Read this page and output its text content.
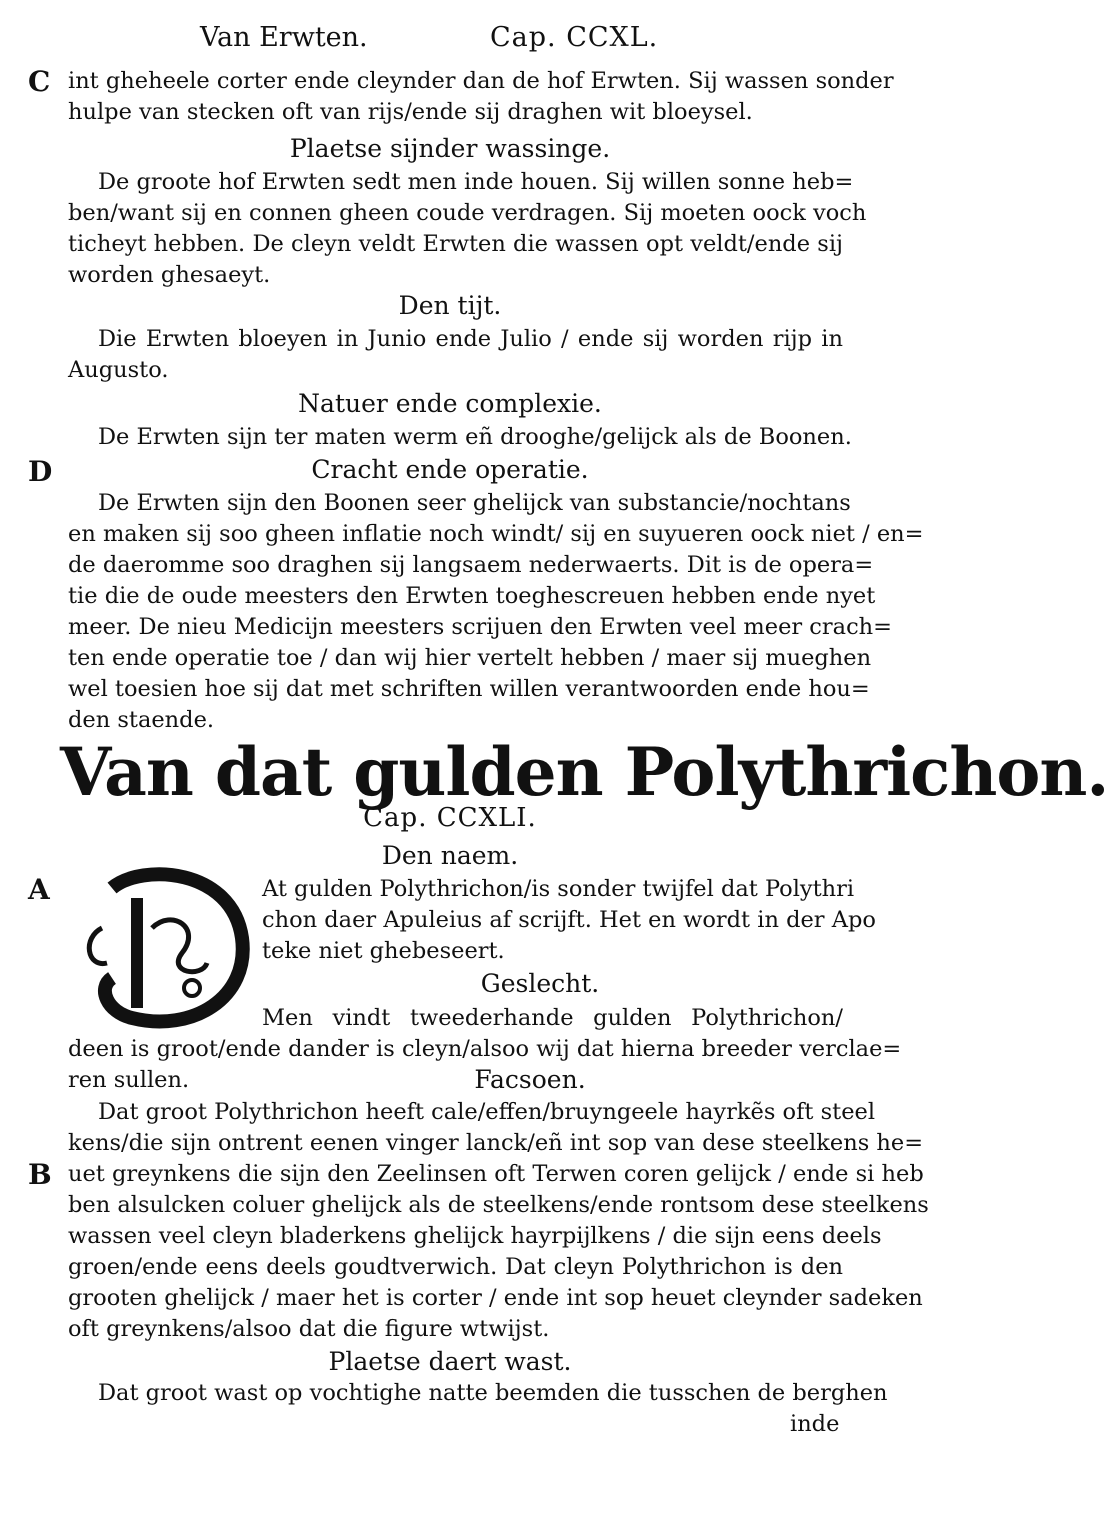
Van Erwten.	Cap. CCXL.
C int gheheele corter ende cleynder dan de hof Erwten. Sij wassen sonder
hulpe van stecken oft van rijs/ende sij draghen wit bloeysel.
Plaetse sijnder wassinge.
De groote hof Erwten sedt men inde houen. Sij willen sonne heb=
ben/want sij en connen gheen coude verdragen. Sij moeten oock voch
ticheyt hebben. De cleyn veldt Erwten die wassen opt veldt/ende sij
worden ghesaeyt.
Den tijt.
Die Erwten bloeyen in Junio ende Julio / ende sij worden rijp in
Augusto.
Natuer ende complexie.
De Erwten sijn ter maten werm eñ drooghe/gelijck als de Boonen.
D	Cracht ende operatie.
De Erwten sijn den Boonen seer ghelijck van substancie/nochtans
en maken sij soo gheen inflatie noch windt/ sij en suyueren oock niet / en=
de daeromme soo draghen sij langsaem nederwaerts. Dit is de opera=
tie die de oude meesters den Erwten toeghescreuen hebben ende nyet
meer. De nieu Medicijn meesters scrijuen den Erwten veel meer crach=
ten ende operatie toe / dan wij hier vertelt hebben / maer sij mueghen
wel toesien hoe sij dat met schriften willen verantwoorden ende hou=
den staende.
Van dat gulden Polythrichon.
Cap. CCXLI.
Den naem.
A	At gulden Polythrichon/is sonder twijfel dat Polythri
chon daer Apuleius af scrijft. Het en wordt in der Apo
teke niet ghebeseert.
Geslecht.
Men vindt tweederhande gulden Polythrichon/
deen is groot/ende dander is cleyn/alsoo wij dat hierna breeder verclae=
ren sullen.	Facsoen.
Dat groot Polythrichon heeft cale/effen/bruyngeele hayrkẽs oft steel
kens/die sijn ontrent eenen vinger lanck/eñ int sop van dese steelkens he=
B uet greynkens die sijn den Zeelinsen oft Terwen coren gelijck / ende si heb
ben alsulcken coluer ghelijck als de steelkens/ende rontsom dese steelkens
wassen veel cleyn bladerkens ghelijck hayrpijlkens / die sijn eens deels
groen/ende eens deels goudtverwich. Dat cleyn Polythrichon is den
grooten ghelijck / maer het is corter / ende int sop heuet cleynder sadeken
oft greynkens/alsoo dat die figure wtwijst.
Plaetse daert wast.
Dat groot wast op vochtighe natte beemden die tusschen de berghen
inde
